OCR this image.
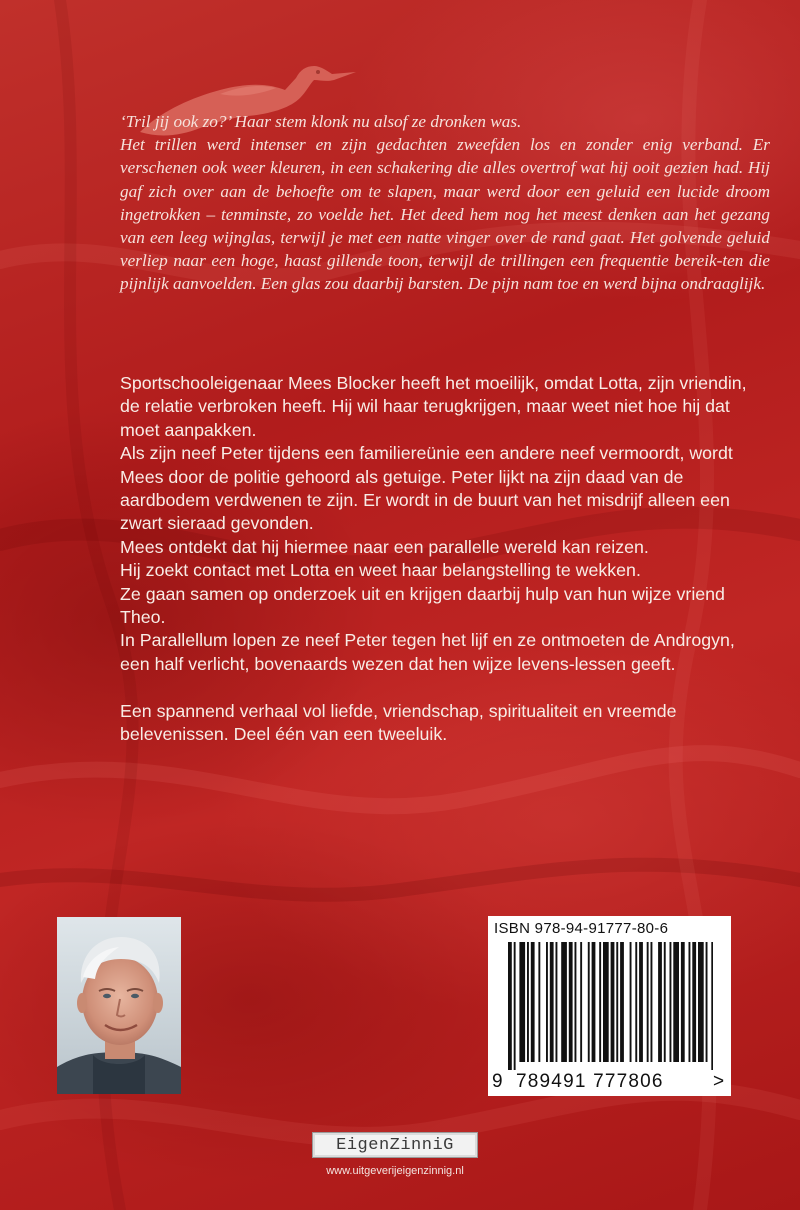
‘Tril jij ook zo?’ Haar stem klonk nu alsof ze dronken was.

Het trillen werd intenser en zijn gedachten zweefden los en zonder enig verband. Er verschenen ook weer kleuren, in een schakering die alles overtrof wat hij ooit gezien had. Hij gaf zich over aan de behoefte om te slapen, maar werd door een geluid een lucide droom ingetrokken – tenminste, zo voelde het. Het deed hem nog het meest denken aan het gezang van een leeg wijnglas, terwijl je met een natte vinger over de rand gaat. Het golvende geluid verliep naar een hoge, haast gillende toon, terwijl de trillingen een frequentie bereik-ten die pijnlijk aanvoelden. Een glas zou daarbij barsten. De pijn nam toe en werd bijna ondraaglijk.

Sportschooleigenaar Mees Blocker heeft het moeilijk, omdat Lotta, zijn vriendin, de relatie verbroken heeft. Hij wil haar terugkrijgen, maar weet niet hoe hij dat moet aanpakken.

Als zijn neef Peter tijdens een familiereünie een andere neef vermoordt, wordt Mees door de politie gehoord als getuige. Peter lijkt na zijn daad van de aardbodem verdwenen te zijn. Er wordt in de buurt van het misdrijf alleen een zwart sieraad gevonden.

Mees ontdekt dat hij hiermee naar een parallelle wereld kan reizen.

Hij zoekt contact met Lotta en weet haar belangstelling te wekken.

Ze gaan samen op onderzoek uit en krijgen daarbij hulp van hun wijze vriend Theo.

In Parallellum lopen ze neef Peter tegen het lijf en ze ontmoeten de Androgyn, een half verlicht, bovenaards wezen dat hen wijze levens-lessen geeft.

Een spannend verhaal vol liefde, vriendschap, spiritualiteit en vreemde belevenissen. Deel één van een tweeluik.

ISBN 978-94-91777-80-6
9 789491 777806	>
EigenZinniG
www.uitgeverijeigenzinnig.nl
